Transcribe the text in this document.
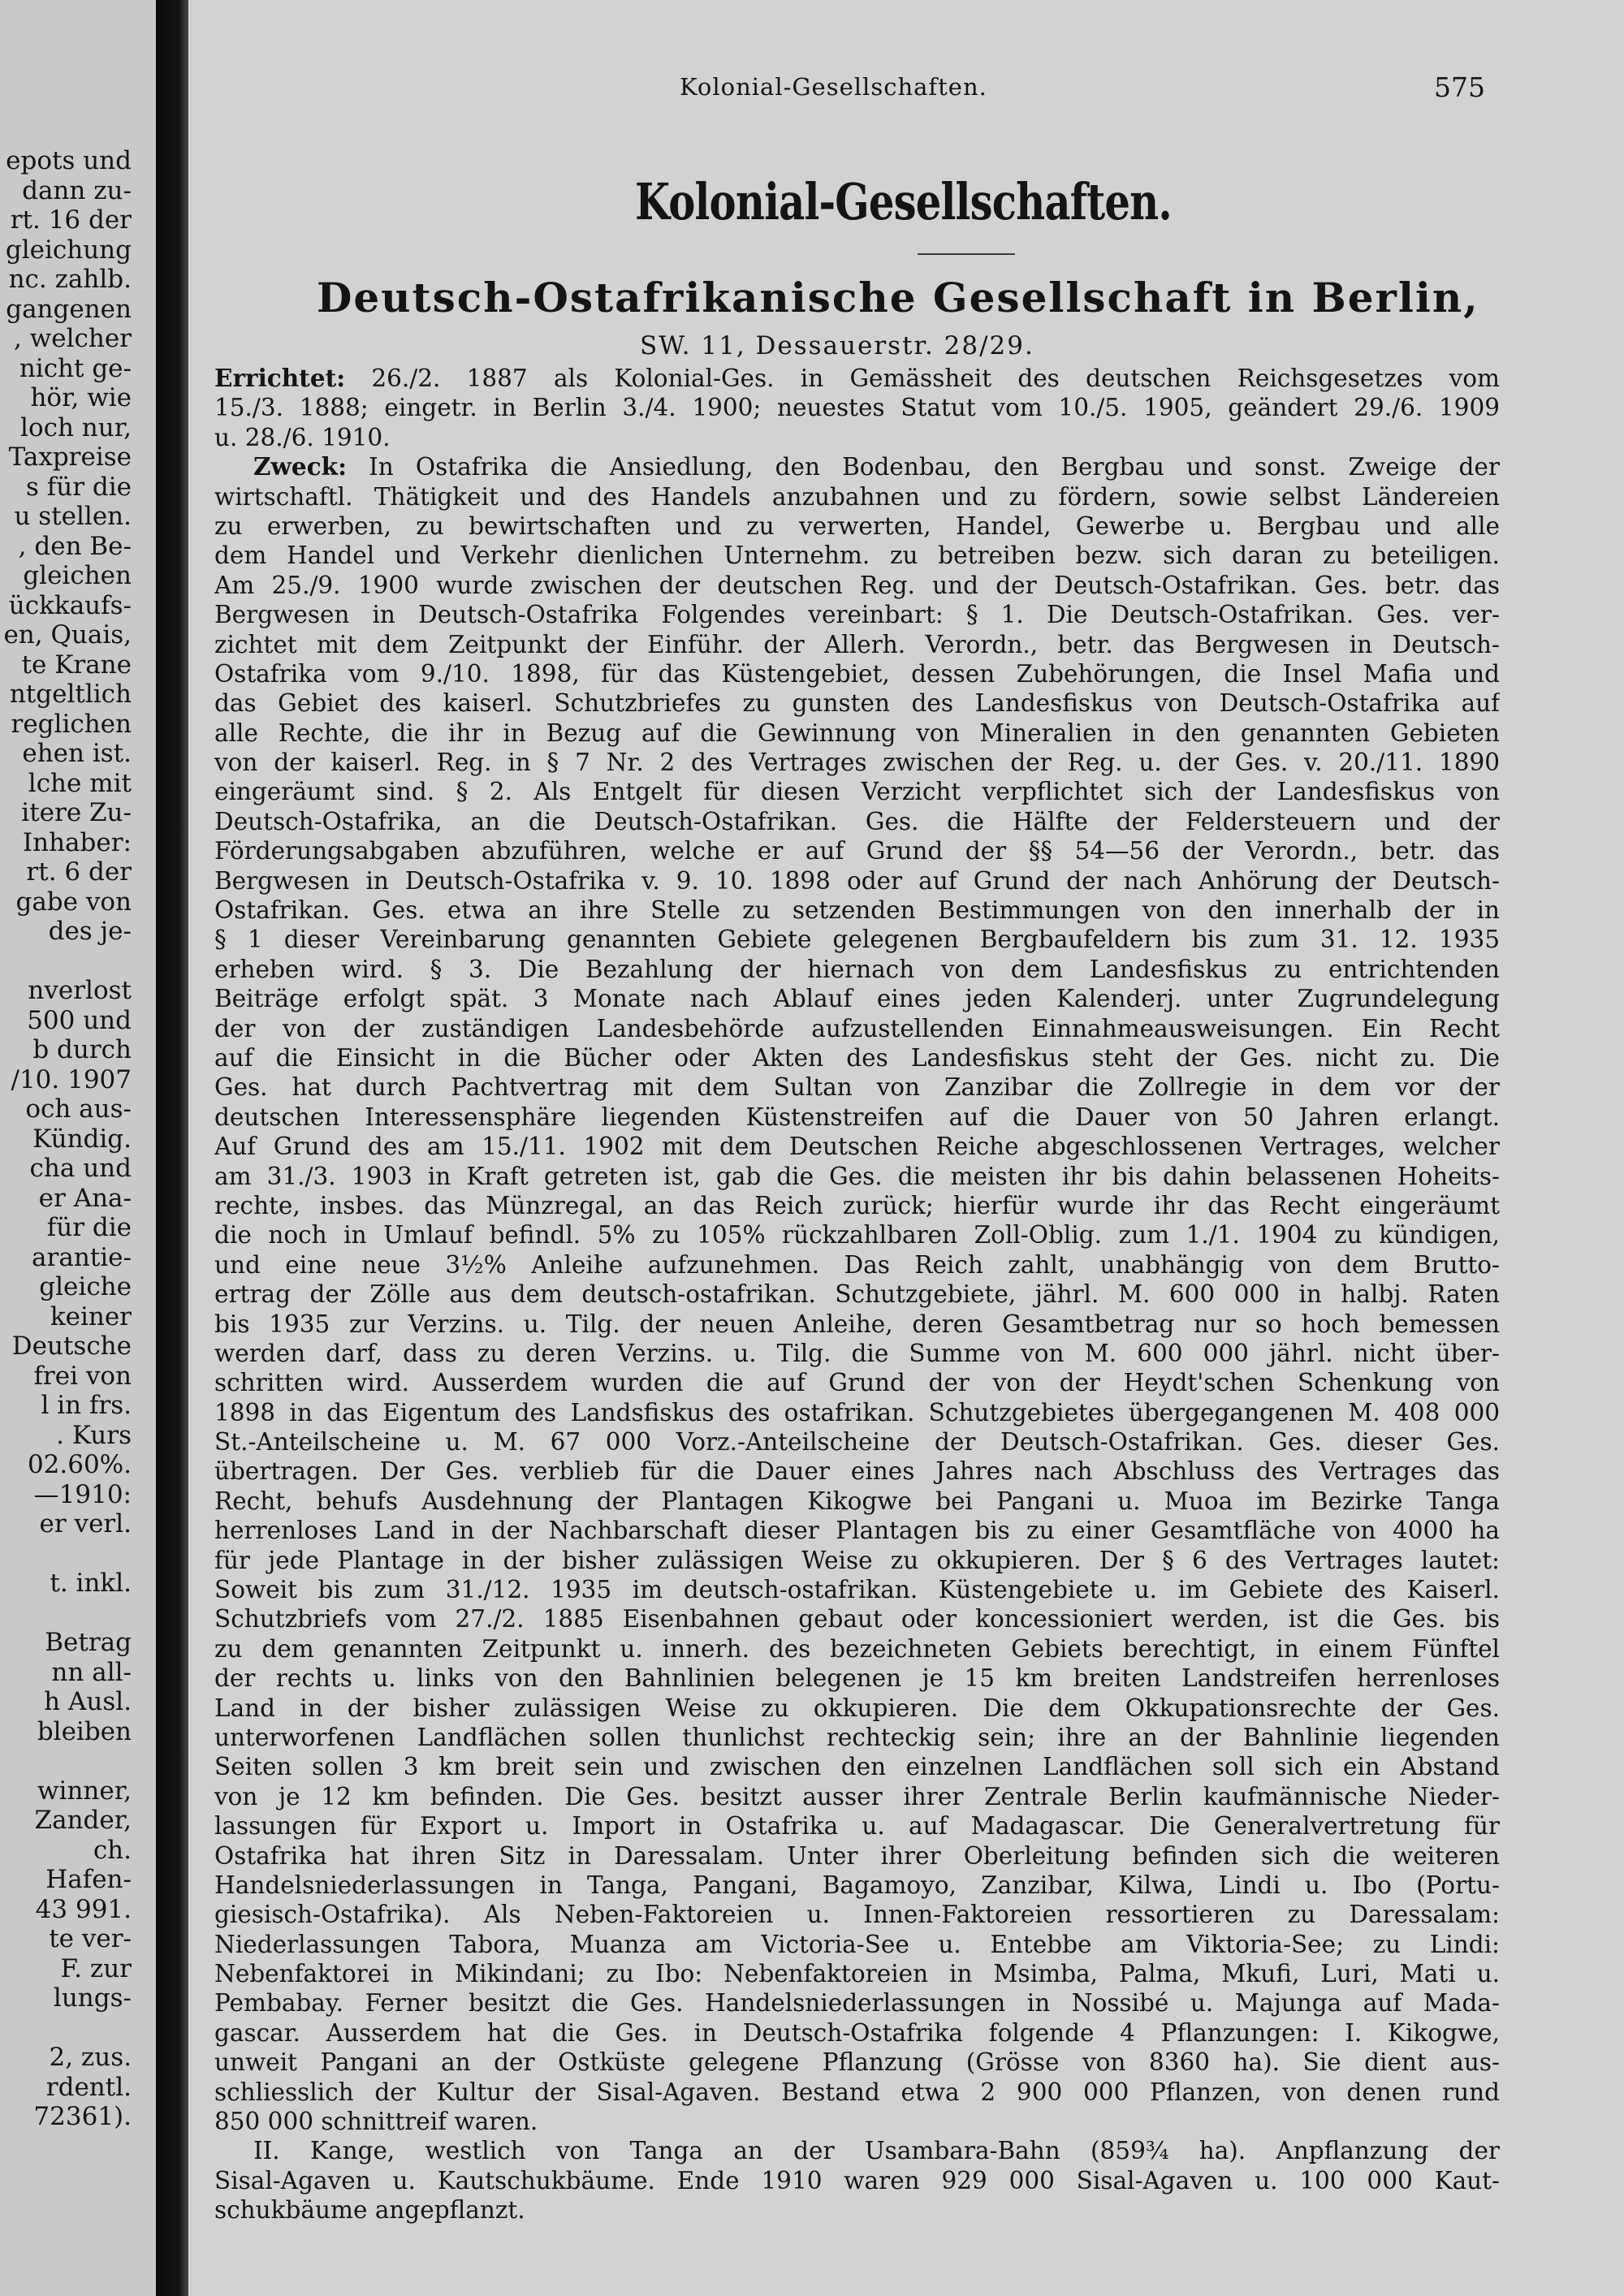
epots und
dann zu-
rt. 16 der
gleichung
nc. zahlb.
gangenen
, welcher
nicht ge-
hör, wie
loch nur,
Taxpreise
s für die
u stellen.
, den Be-
gleichen
ückkaufs-
en, Quais,
te Krane
ntgeltlich
reglichen
ehen ist.
lche mit
itere Zu-
Inhaber:
rt. 6 der
gabe von
des je-
nverlost
500 und
b durch
/10. 1907
och aus-
Kündig.
cha und
er Ana-
für die
arantie-
gleiche
keiner
Deutsche
frei von
l in frs.
. Kurs
02.60%.
—1910:
er verl.
t. inkl.
Betrag
nn all-
h Ausl.
bleiben
winner,
Zander,
ch.
Hafen-
43 991.
te ver-
F. zur
lungs-
2, zus.
rdentl.
72361).
Kolonial-Gesellschaften.	575
Kolonial-Gesellschaften.
Deutsch-Ostafrikanische Gesellschaft in Berlin,
SW. 11, Dessauerstr. 28/29.
Errichtet: 26./2. 1887 als Kolonial-Ges. in Gemässheit des deutschen Reichsgesetzes vom
15./3. 1888; eingetr. in Berlin 3./4. 1900; neuestes Statut vom 10./5. 1905, geändert 29./6. 1909
u. 28./6. 1910.
Zweck: In Ostafrika die Ansiedlung, den Bodenbau, den Bergbau und sonst. Zweige der
wirtschaftl. Thätigkeit und des Handels anzubahnen und zu fördern, sowie selbst Ländereien
zu erwerben, zu bewirtschaften und zu verwerten, Handel, Gewerbe u. Bergbau und alle
dem Handel und Verkehr dienlichen Unternehm. zu betreiben bezw. sich daran zu beteiligen.
Am 25./9. 1900 wurde zwischen der deutschen Reg. und der Deutsch-Ostafrikan. Ges. betr. das
Bergwesen in Deutsch-Ostafrika Folgendes vereinbart: § 1. Die Deutsch-Ostafrikan. Ges. ver-
zichtet mit dem Zeitpunkt der Einführ. der Allerh. Verordn., betr. das Bergwesen in Deutsch-
Ostafrika vom 9./10. 1898, für das Küstengebiet, dessen Zubehörungen, die Insel Mafia und
das Gebiet des kaiserl. Schutzbriefes zu gunsten des Landesfiskus von Deutsch-Ostafrika auf
alle Rechte, die ihr in Bezug auf die Gewinnung von Mineralien in den genannten Gebieten
von der kaiserl. Reg. in § 7 Nr. 2 des Vertrages zwischen der Reg. u. der Ges. v. 20./11. 1890
eingeräumt sind. § 2. Als Entgelt für diesen Verzicht verpflichtet sich der Landesfiskus von
Deutsch-Ostafrika, an die Deutsch-Ostafrikan. Ges. die Hälfte der Feldersteuern und der
Förderungsabgaben abzuführen, welche er auf Grund der §§ 54—56 der Verordn., betr. das
Bergwesen in Deutsch-Ostafrika v. 9. 10. 1898 oder auf Grund der nach Anhörung der Deutsch-
Ostafrikan. Ges. etwa an ihre Stelle zu setzenden Bestimmungen von den innerhalb der in
§ 1 dieser Vereinbarung genannten Gebiete gelegenen Bergbaufeldern bis zum 31. 12. 1935
erheben wird. § 3. Die Bezahlung der hiernach von dem Landesfiskus zu entrichtenden
Beiträge erfolgt spät. 3 Monate nach Ablauf eines jeden Kalenderj. unter Zugrundelegung
der von der zuständigen Landesbehörde aufzustellenden Einnahmeausweisungen. Ein Recht
auf die Einsicht in die Bücher oder Akten des Landesfiskus steht der Ges. nicht zu. Die
Ges. hat durch Pachtvertrag mit dem Sultan von Zanzibar die Zollregie in dem vor der
deutschen Interessensphäre liegenden Küstenstreifen auf die Dauer von 50 Jahren erlangt.
Auf Grund des am 15./11. 1902 mit dem Deutschen Reiche abgeschlossenen Vertrages, welcher
am 31./3. 1903 in Kraft getreten ist, gab die Ges. die meisten ihr bis dahin belassenen Hoheits-
rechte, insbes. das Münzregal, an das Reich zurück; hierfür wurde ihr das Recht eingeräumt
die noch in Umlauf befindl. 5% zu 105% rückzahlbaren Zoll-Oblig. zum 1./1. 1904 zu kündigen,
und eine neue 3½% Anleihe aufzunehmen. Das Reich zahlt, unabhängig von dem Brutto-
ertrag der Zölle aus dem deutsch-ostafrikan. Schutzgebiete, jährl. M. 600 000 in halbj. Raten
bis 1935 zur Verzins. u. Tilg. der neuen Anleihe, deren Gesamtbetrag nur so hoch bemessen
werden darf, dass zu deren Verzins. u. Tilg. die Summe von M. 600 000 jährl. nicht über-
schritten wird. Ausserdem wurden die auf Grund der von der Heydt'schen Schenkung von
1898 in das Eigentum des Landsfiskus des ostafrikan. Schutzgebietes übergegangenen M. 408 000
St.-Anteilscheine u. M. 67 000 Vorz.-Anteilscheine der Deutsch-Ostafrikan. Ges. dieser Ges.
übertragen. Der Ges. verblieb für die Dauer eines Jahres nach Abschluss des Vertrages das
Recht, behufs Ausdehnung der Plantagen Kikogwe bei Pangani u. Muoa im Bezirke Tanga
herrenloses Land in der Nachbarschaft dieser Plantagen bis zu einer Gesamtfläche von 4000 ha
für jede Plantage in der bisher zulässigen Weise zu okkupieren. Der § 6 des Vertrages lautet:
Soweit bis zum 31./12. 1935 im deutsch-ostafrikan. Küstengebiete u. im Gebiete des Kaiserl.
Schutzbriefs vom 27./2. 1885 Eisenbahnen gebaut oder koncessioniert werden, ist die Ges. bis
zu dem genannten Zeitpunkt u. innerh. des bezeichneten Gebiets berechtigt, in einem Fünftel
der rechts u. links von den Bahnlinien belegenen je 15 km breiten Landstreifen herrenloses
Land in der bisher zulässigen Weise zu okkupieren. Die dem Okkupationsrechte der Ges.
unterworfenen Landflächen sollen thunlichst rechteckig sein; ihre an der Bahnlinie liegenden
Seiten sollen 3 km breit sein und zwischen den einzelnen Landflächen soll sich ein Abstand
von je 12 km befinden. Die Ges. besitzt ausser ihrer Zentrale Berlin kaufmännische Nieder-
lassungen für Export u. Import in Ostafrika u. auf Madagascar. Die Generalvertretung für
Ostafrika hat ihren Sitz in Daressalam. Unter ihrer Oberleitung befinden sich die weiteren
Handelsniederlassungen in Tanga, Pangani, Bagamoyo, Zanzibar, Kilwa, Lindi u. Ibo (Portu-
giesisch-Ostafrika). Als Neben-Faktoreien u. Innen-Faktoreien ressortieren zu Daressalam:
Niederlassungen Tabora, Muanza am Victoria-See u. Entebbe am Viktoria-See; zu Lindi:
Nebenfaktorei in Mikindani; zu Ibo: Nebenfaktoreien in Msimba, Palma, Mkufi, Luri, Mati u.
Pembabay. Ferner besitzt die Ges. Handelsniederlassungen in Nossibé u. Majunga auf Mada-
gascar. Ausserdem hat die Ges. in Deutsch-Ostafrika folgende 4 Pflanzungen: I. Kikogwe,
unweit Pangani an der Ostküste gelegene Pflanzung (Grösse von 8360 ha). Sie dient aus-
schliesslich der Kultur der Sisal-Agaven. Bestand etwa 2 900 000 Pflanzen, von denen rund
850 000 schnittreif waren.
II. Kange, westlich von Tanga an der Usambara-Bahn (859¾ ha). Anpflanzung der
Sisal-Agaven u. Kautschukbäume. Ende 1910 waren 929 000 Sisal-Agaven u. 100 000 Kaut-
schukbäume angepflanzt.
